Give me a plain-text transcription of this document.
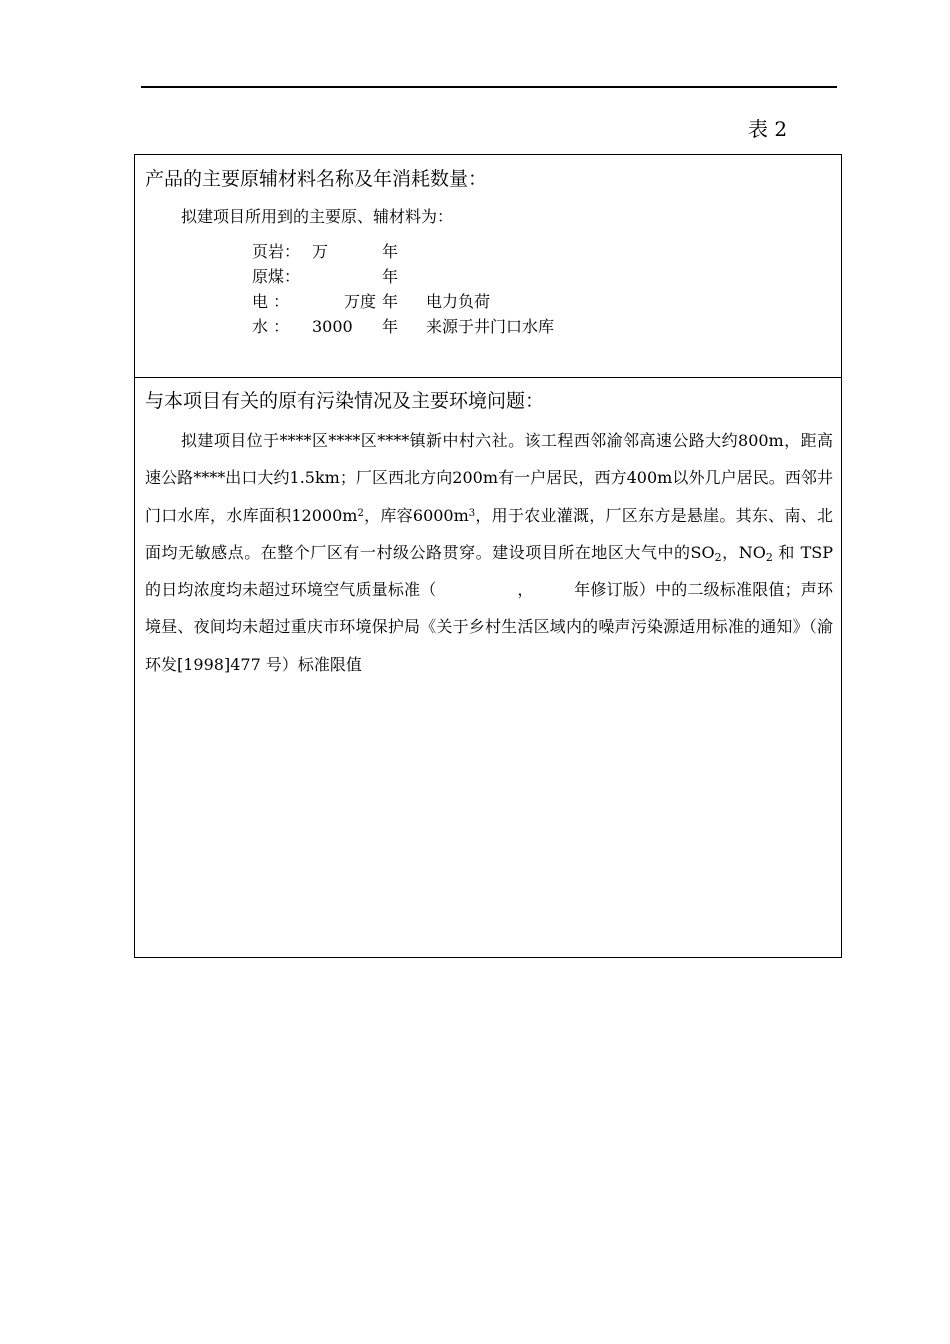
表 2
产品的主要原辅材料名称及年消耗数量：
拟建项目所用到的主要原、辅材料为：
页岩： 万	年
原煤：	年
电 ：	万度 年	电力负荷
水 ：	3000	年	来源于井门口水库
与本项目有关的原有污染情况及主要环境问题：
拟建项目位于****区****区****镇新中村六社。该工程西邻渝邻高速公路大约800m，距高速公路****出口大约1.5km；厂区西北方向200m有一户居民，西方400m以外几户居民。西邻井门口水库，水库面积$12000m^2$，库容$6000m^3$，用于农业灌溉，厂区东方是悬崖。其东、南、北面均无敏感点。在整个厂区有一村级公路贯穿。建设项目所在地区大气中的$SO_2$，$NO_2$ 和 TSP 的日均浓度均未超过环境空气质量标准（　　　　　，　　　年修订版）中的二级标准限值；声环境昼、夜间均未超过重庆市环境保护局《关于乡村生活区域内的噪声污染源适用标准的通知》（渝环发[1998]477 号）标准限值
